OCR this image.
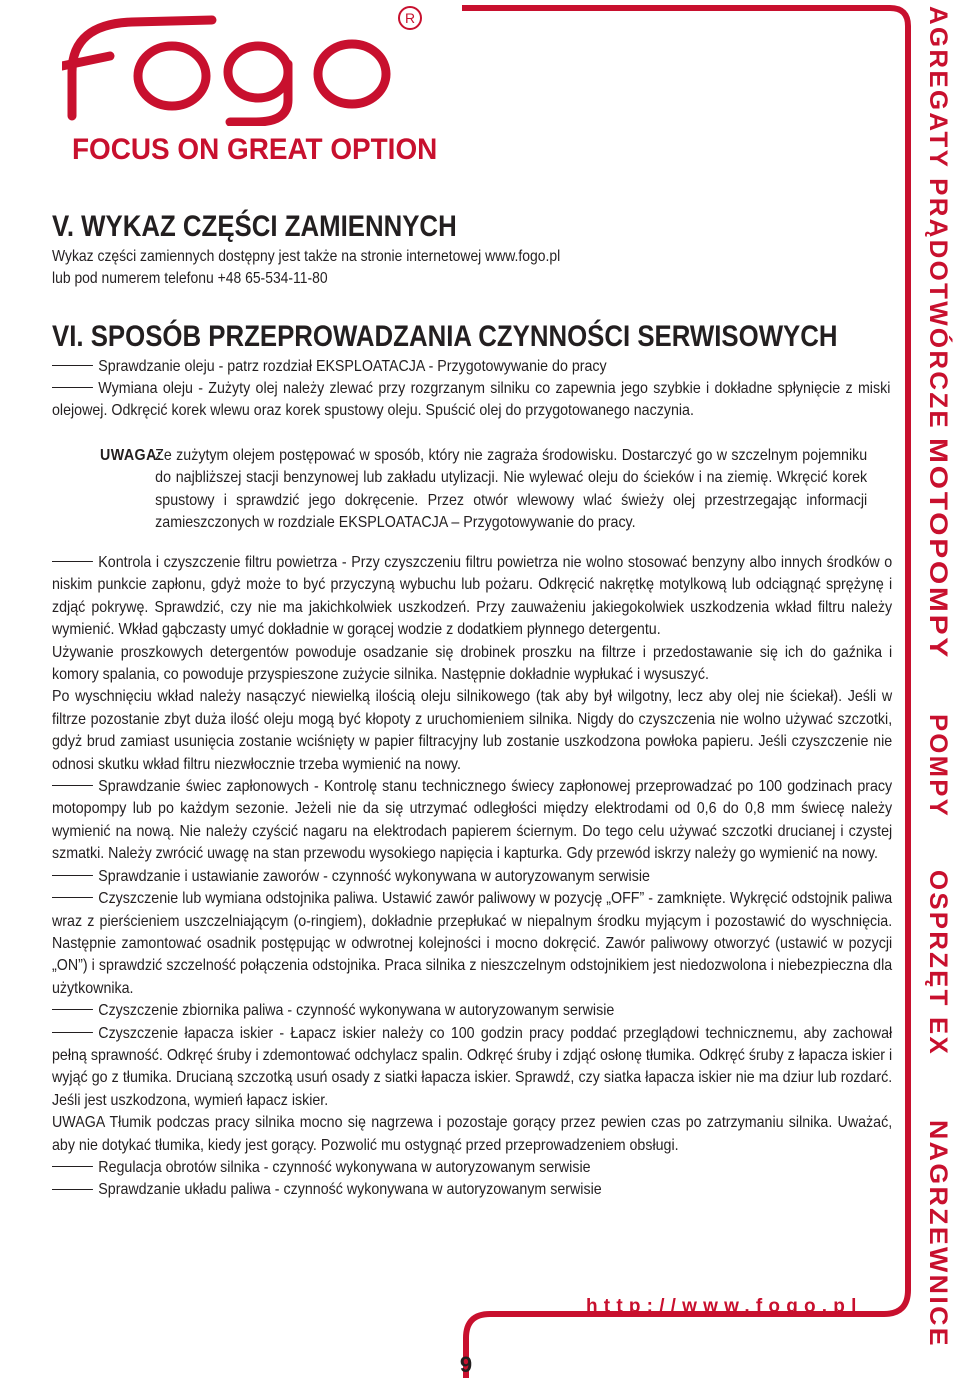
R
FOCUS ON GREAT OPTION
V. WYKAZ CZĘŚCI ZAMIENNYCH
Wykaz części zamiennych dostępny jest także na stronie internetowej www.fogo.pl
lub pod numerem telefonu +48 65-534-11-80
VI. SPOSÓB PRZEPROWADZANIA CZYNNOŚCI SERWISOWYCH
Sprawdzanie oleju - patrz rozdział EKSPLOATACJA - Przygotowywanie do pracy
Wymiana oleju - Zużyty olej należy zlewać przy rozgrzanym silniku co zapewnia jego szybkie i dokładne spłynięcie z miski olejowej. Odkręcić korek wlewu oraz korek spustowy oleju. Spuścić olej do przygotowanego naczynia.
UWAGA:
Ze zużytym olejem postępować w sposób, który nie zagraża środowisku. Dostarczyć go w szczelnym pojemniku do najbliższej stacji benzynowej lub zakładu utylizacji. Nie wylewać oleju do ścieków i na ziemię. Wkręcić korek spustowy i sprawdzić jego dokręcenie. Przez otwór wlewowy wlać świeży olej przestrzegając informacji zamieszczonych w rozdziale EKSPLOATACJA – Przygotowywanie do pracy.

Kontrola i czyszczenie filtru powietrza - Przy czyszczeniu filtru powietrza nie wolno stosować benzyny albo innych środków o niskim punkcie zapłonu, gdyż może to być przyczyną wybuchu lub pożaru. Odkręcić nakrętkę motylkową lub odciągnąć sprężynę i zdjąć pokrywę. Sprawdzić, czy nie ma jakichkolwiek uszkodzeń. Przy zauważeniu jakiegokolwiek uszkodzenia wkład filtru należy wymienić. Wkład gąbczasty umyć dokładnie w gorącej wodzie z dodatkiem płynnego detergentu.

Używanie proszkowych detergentów powoduje osadzanie się drobinek proszku na filtrze i przedostawanie się ich do gaźnika i komory spalania, co powoduje przyspieszone zużycie silnika. Następnie dokładnie wypłukać i wysuszyć.

Po wyschnięciu wkład należy nasączyć niewielką ilością oleju silnikowego (tak aby był wilgotny, lecz aby olej nie ściekał). Jeśli w filtrze pozostanie zbyt duża ilość oleju mogą być kłopoty z uruchomieniem silnika. Nigdy do czyszczenia nie wolno używać szczotki, gdyż brud zamiast usunięcia zostanie wciśnięty w papier filtracyjny lub zostanie uszkodzona powłoka papieru. Jeśli czyszczenie nie odnosi skutku wkład filtru niezwłocznie trzeba wymienić na nowy.

Sprawdzanie świec zapłonowych - Kontrolę stanu technicznego świecy zapłonowej przeprowadzać po 100 godzinach pracy motopompy lub po każdym sezonie. Jeżeli nie da się utrzymać odległości między elektrodami od 0,6 do 0,8 mm świecę należy wymienić na nową. Nie należy czyścić nagaru na elektrodach papierem ściernym. Do tego celu używać szczotki drucianej i czystej szmatki. Należy zwrócić uwagę na stan przewodu wysokiego napięcia i kapturka. Gdy przewód iskrzy należy go wymienić na nowy.

Sprawdzanie i ustawianie zaworów - czynność wykonywana w autoryzowanym serwisie

Czyszczenie lub wymiana odstojnika paliwa. Ustawić zawór paliwowy w pozycję „OFF” - zamknięte. Wykręcić odstojnik paliwa wraz z pierścieniem uszczelniającym (o-ringiem), dokładnie przepłukać w niepalnym środku myjącym i pozostawić do wyschnięcia. Następnie zamontować osadnik postępując w odwrotnej kolejności i mocno dokręcić. Zawór paliwowy otworzyć (ustawić w pozycji „ON”) i sprawdzić szczelność połączenia odstojnika. Praca silnika z nieszczelnym odstojnikiem jest niedozwolona i niebezpieczna dla użytkownika.

Czyszczenie zbiornika paliwa - czynność wykonywana w autoryzowanym serwisie

Czyszczenie łapacza iskier - Łapacz iskier należy co 100 godzin pracy poddać przeglądowi technicznemu, aby zachował pełną sprawność. Odkręć śruby i zdemontować odchylacz spalin. Odkręć śruby i zdjąć osłonę tłumika. Odkręć śruby z łapacza iskier i wyjąć go z tłumika. Drucianą szczotką usuń osady z siatki łapacza iskier. Sprawdź, czy siatka łapacza iskier nie ma dziur lub rozdarć. Jeśli jest uszkodzona, wymień łapacz iskier.

UWAGA Tłumik podczas pracy silnika mocno się nagrzewa i pozostaje gorący przez pewien czas po zatrzymaniu silnika. Uważać, aby nie dotykać tłumika, kiedy jest gorący. Pozwolić mu ostygnąć przed przeprowadzeniem obsługi.

Regulacja obrotów silnika - czynność wykonywana w autoryzowanym serwisie

Sprawdzanie układu paliwa - czynność wykonywana w autoryzowanym serwisie

http://www.fogo.pl
9
AGREGATY PRĄDOTWÓRCZE
MOTOPOMPY
POMPY
OSPRZĘT EX
NAGRZEWNICE
